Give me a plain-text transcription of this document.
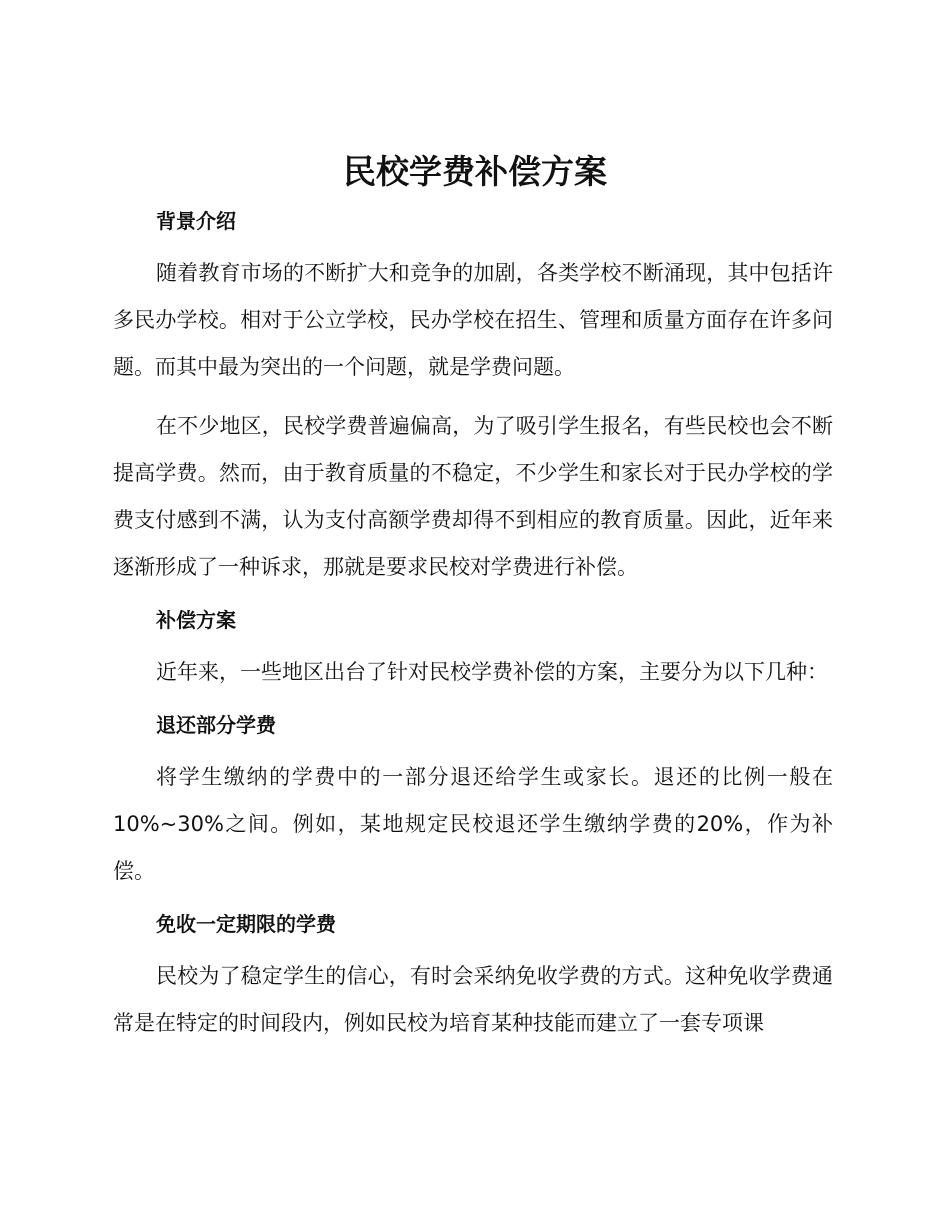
民校学费补偿方案
背景介绍

随着教育市场的不断扩大和竞争的加剧，各类学校不断涌现，其中包括许多民办学校。相对于公立学校，民办学校在招生、管理和质量方面存在许多问题。而其中最为突出的一个问题，就是学费问题。

在不少地区，民校学费普遍偏高，为了吸引学生报名，有些民校也会不断提高学费。然而，由于教育质量的不稳定，不少学生和家长对于民办学校的学费支付感到不满，认为支付高额学费却得不到相应的教育质量。因此，近年来逐渐形成了一种诉求，那就是要求民校对学费进行补偿。

补偿方案

近年来，一些地区出台了针对民校学费补偿的方案，主要分为以下几种：

退还部分学费

将学生缴纳的学费中的一部分退还给学生或家长。退还的比例一般在10%~30%之间。例如，某地规定民校退还学生缴纳学费的20%，作为补偿。

免收一定期限的学费

民校为了稳定学生的信心，有时会采纳免收学费的方式。这种免收学费通常是在特定的时间段内，例如民校为培育某种技能而建立了一套专项课
